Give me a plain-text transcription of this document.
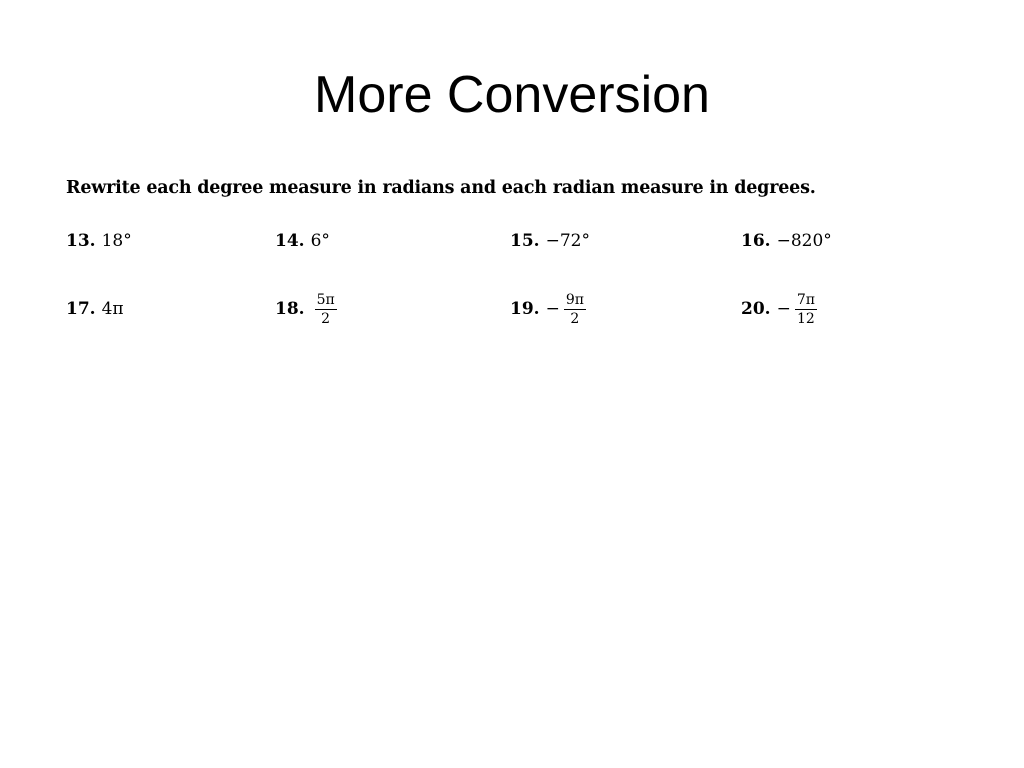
More Conversion

Rewrite each degree measure in radians and each radian measure in degrees.

13. 18°	14. 6°	15. −72°	16. −820°
17. 4π	18. $\frac{5\pi}{2}$	19. − $\frac{9\pi}{2}$	20. − $\frac{7\pi}{12}$
